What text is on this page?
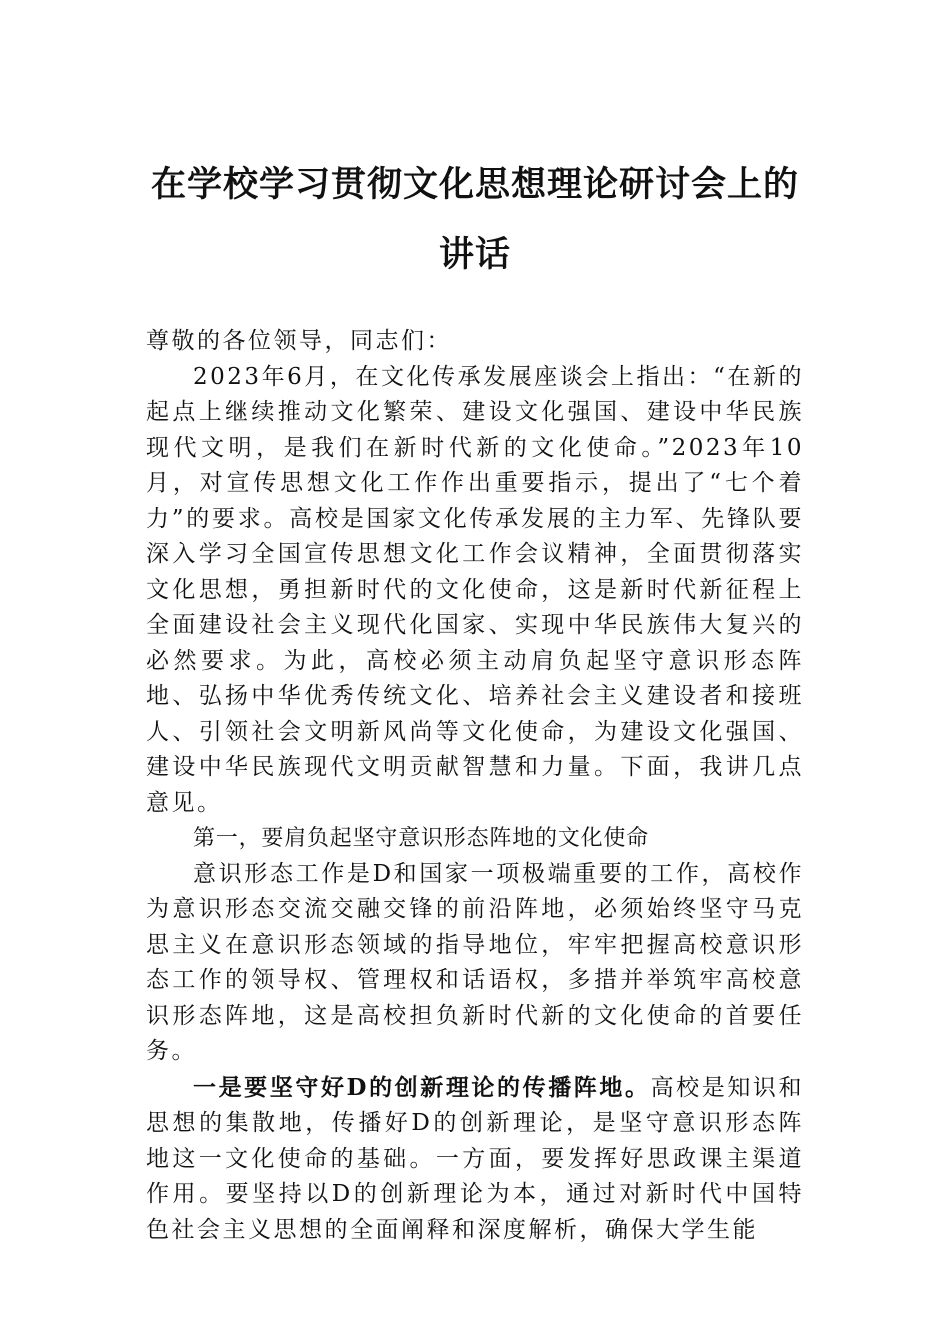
在学校学习贯彻文化思想理论研讨会上的
讲话

尊敬的各位领导，同志们：

2023年6月，在文化传承发展座谈会上指出：“在新的起点上继续推动文化繁荣、建设文化强国、建设中华民族现代文明，是我们在新时代新的文化使命。”2023年10月，对宣传思想文化工作作出重要指示，提出了“七个着力”的要求。高校是国家文化传承发展的主力军、先锋队要深入学习全国宣传思想文化工作会议精神，全面贯彻落实文化思想，勇担新时代的文化使命，这是新时代新征程上全面建设社会主义现代化国家、实现中华民族伟大复兴的必然要求。为此，高校必须主动肩负起坚守意识形态阵地、弘扬中华优秀传统文化、培养社会主义建设者和接班人、引领社会文明新风尚等文化使命，为建设文化强国、建设中华民族现代文明贡献智慧和力量。下面，我讲几点意见。

第一，要肩负起坚守意识形态阵地的文化使命

意识形态工作是D和国家一项极端重要的工作，高校作为意识形态交流交融交锋的前沿阵地，必须始终坚守马克思主义在意识形态领域的指导地位，牢牢把握高校意识形态工作的领导权、管理权和话语权，多措并举筑牢高校意识形态阵地，这是高校担负新时代新的文化使命的首要任务。

一是要坚守好D的创新理论的传播阵地。高校是知识和思想的集散地，传播好D的创新理论，是坚守意识形态阵地这一文化使命的基础。一方面，要发挥好思政课主渠道作用。要坚持以D的创新理论为本，通过对新时代中国特色社会主义思想的全面阐释和深度解析，确保大学生能
